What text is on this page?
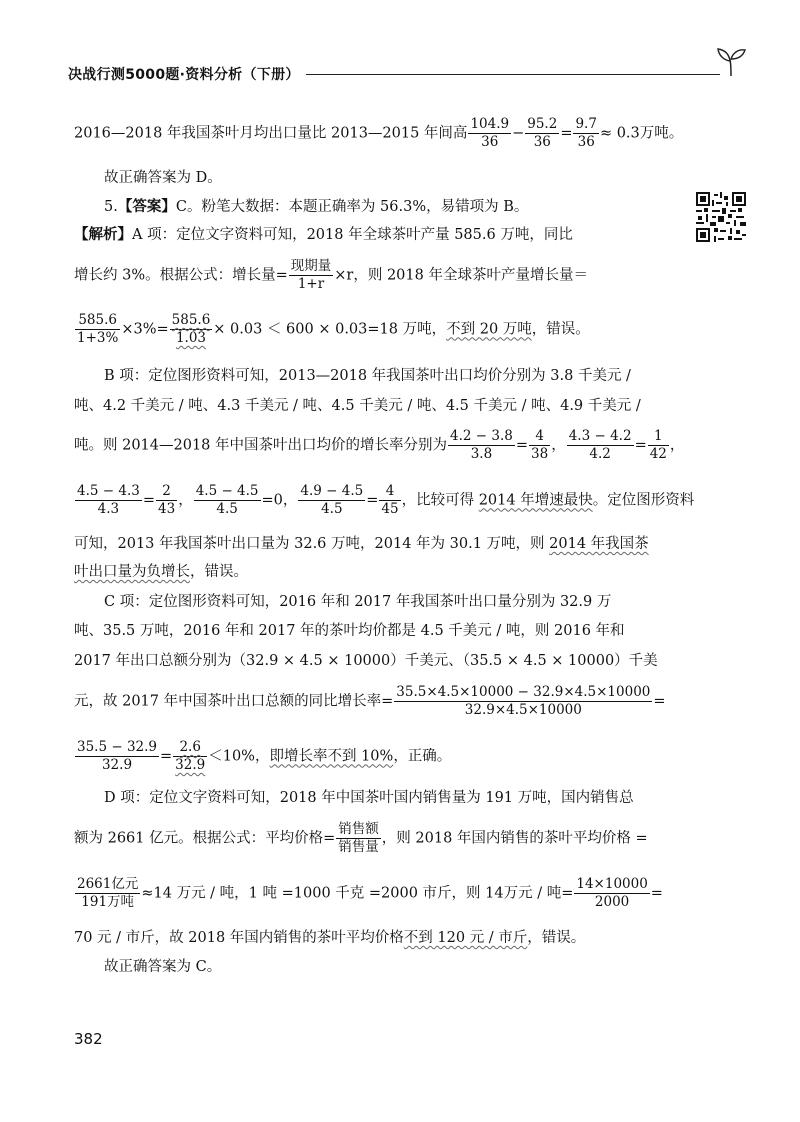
决战行测5000题·资料分析（下册）
2016—2018 年我国茶叶月均出口量比 2013—2015 年间高 $\frac{104.9}{36} - \frac{95.2}{36} = \frac{9.7}{36} \approx 0.3$万吨。
故正确答案为 D。
5.【答案】C。粉笔大数据：本题正确率为 56.3%，易错项为 B。
【解析】A 项：定位文字资料可知，2018 年全球茶叶产量 585.6 万吨，同比
增长约 3%。根据公式：增长量= $\frac{\text{现期量}}{1+r} \times r$，则 2018 年全球茶叶产量增长量＝
$\frac{585.6}{1+3\%} \times 3\%= \frac{585.6}{1.03} \times 0.03 < 600 \times 0.03=18$ 万吨，不到 20 万吨，错误。
B 项：定位图形资料可知，2013—2018 年我国茶叶出口均价分别为 3.8 千美元 /
吨、4.2 千美元 / 吨、4.3 千美元 / 吨、4.5 千美元 / 吨、4.5 千美元 / 吨、4.9 千美元 /
吨。则 2014—2018 年中国茶叶出口均价的增长率分别为 $\frac{4.2 - 3.8}{3.8} = \frac{4}{38}$ ， $\frac{4.3 - 4.2}{4.2} = \frac{1}{42}$ ，
$\frac{4.5 - 4.3}{4.3} = \frac{2}{43}$ ， $\frac{4.5 - 4.5}{4.5} =0$， $\frac{4.9 - 4.5}{4.5} = \frac{4}{45}$ ，比较可得 2014 年增速最快。定位图形资料
可知，2013 年我国茶叶出口量为 32.6 万吨，2014 年为 30.1 万吨，则 2014 年我国茶
叶出口量为负增长，错误。
C 项：定位图形资料可知，2016 年和 2017 年我国茶叶出口量分别为 32.9 万
吨、35.5 万吨，2016 年和 2017 年的茶叶均价都是 4.5 千美元 / 吨，则 2016 年和
2017 年出口总额分别为（32.9 × 4.5 × 10000）千美元、（35.5 × 4.5 × 10000）千美
元，故 2017 年中国茶叶出口总额的同比增长率= $\frac{35.5\times 4.5\times 10000 - 32.9\times 4.5\times 10000}{32.9\times 4.5\times 10000}$ =
$\frac{35.5 - 32.9}{32.9} = \frac{2.6}{32.9} <10\%$，即增长率不到 10%，正确。
D 项：定位文字资料可知，2018 年中国茶叶国内销售量为 191 万吨，国内销售总
额为 2661 亿元。根据公式：平均价格= $\frac{\text{销售额}}{\text{销售量}}$ ，则 2018 年国内销售的茶叶平均价格 =
$\frac{\text{2661亿元}}{\text{191万吨}} \approx 14$ 万元 / 吨，1 吨 =1000 千克 =2000 市斤，则 14万元 / 吨= $\frac{14\times 10000}{2000}$ =
70 元 / 市斤，故 2018 年国内销售的茶叶平均价格不到 120 元 / 市斤，错误。
故正确答案为 C。
382
